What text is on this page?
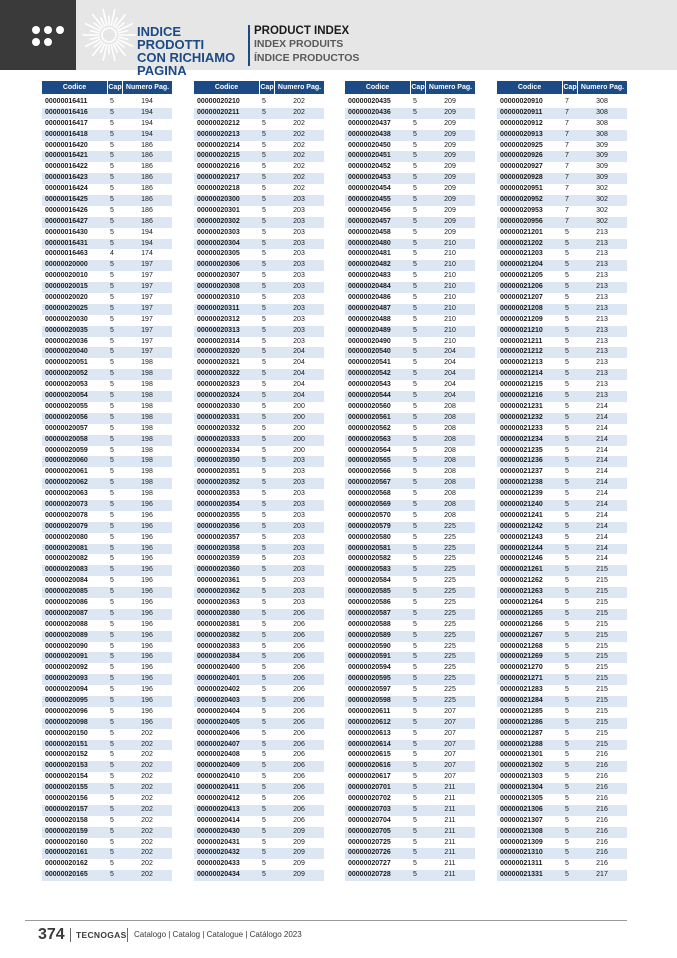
INDICE PRODOTTI
CON RICHIAMO
PAGINA
PRODUCT INDEX
INDEX PRODUITS
ÍNDICE PRODUCTOS
Codice	Cap Numero Pag.
00000016411	5	194
00000016416	5	194
00000016417	5	194
00000016418	5	194
00000016420	5	186
00000016421	5	186
00000016422	5	186
00000016423	5	186
00000016424	5	186
00000016425	5	186
00000016426	5	186
00000016427	5	186
00000016430	5	194
00000016431	5	194
00000016463	4	174
00000020000	5	197
00000020010	5	197
00000020015	5	197
00000020020	5	197
00000020025	5	197
00000020030	5	197
00000020035	5	197
00000020036	5	197
00000020040	5	197
00000020051	5	198
00000020052	5	198
00000020053	5	198
00000020054	5	198
00000020055	5	198
00000020056	5	198
00000020057	5	198
00000020058	5	198
00000020059	5	198
00000020060	5	198
00000020061	5	198
00000020062	5	198
00000020063	5	198
00000020073	5	196
00000020078	5	196
00000020079	5	196
00000020080	5	196
00000020081	5	196
00000020082	5	196
00000020083	5	196
00000020084	5	196
00000020085	5	196
00000020086	5	196
00000020087	5	196
00000020088	5	196
00000020089	5	196
00000020090	5	196
00000020091	5	196
00000020092	5	196
00000020093	5	196
00000020094	5	196
00000020095	5	196
00000020096	5	196
00000020098	5	196
00000020150	5	202
00000020151	5	202
00000020152	5	202
00000020153	5	202
00000020154	5	202
00000020155	5	202
00000020156	5	202
00000020157	5	202
00000020158	5	202
00000020159	5	202
00000020160	5	202
00000020161	5	202
00000020162	5	202
00000020165	5	202
Codice	Cap Numero Pag.
00000020210	5	202
00000020211	5	202
00000020212	5	202
00000020213	5	202
00000020214	5	202
00000020215	5	202
00000020216	5	202
00000020217	5	202
00000020218	5	202
00000020300	5	203
00000020301	5	203
00000020302	5	203
00000020303	5	203
00000020304	5	203
00000020305	5	203
00000020306	5	203
00000020307	5	203
00000020308	5	203
00000020310	5	203
00000020311	5	203
00000020312	5	203
00000020313	5	203
00000020314	5	203
00000020320	5	204
00000020321	5	204
00000020322	5	204
00000020323	5	204
00000020324	5	204
00000020330	5	200
00000020331	5	200
00000020332	5	200
00000020333	5	200
00000020334	5	200
00000020350	5	203
00000020351	5	203
00000020352	5	203
00000020353	5	203
00000020354	5	203
00000020355	5	203
00000020356	5	203
00000020357	5	203
00000020358	5	203
00000020359	5	203
00000020360	5	203
00000020361	5	203
00000020362	5	203
00000020363	5	203
00000020380	5	206
00000020381	5	206
00000020382	5	206
00000020383	5	206
00000020384	5	206
00000020400	5	206
00000020401	5	206
00000020402	5	206
00000020403	5	206
00000020404	5	206
00000020405	5	206
00000020406	5	206
00000020407	5	206
00000020408	5	206
00000020409	5	206
00000020410	5	206
00000020411	5	206
00000020412	5	206
00000020413	5	206
00000020414	5	206
00000020430	5	209
00000020431	5	209
00000020432	5	209
00000020433	5	209
00000020434	5	209
Codice	Cap Numero Pag.
00000020435	5	209
00000020436	5	209
00000020437	5	209
00000020438	5	209
00000020450	5	209
00000020451	5	209
00000020452	5	209
00000020453	5	209
00000020454	5	209
00000020455	5	209
00000020456	5	209
00000020457	5	209
00000020458	5	209
00000020480	5	210
00000020481	5	210
00000020482	5	210
00000020483	5	210
00000020484	5	210
00000020486	5	210
00000020487	5	210
00000020488	5	210
00000020489	5	210
00000020490	5	210
00000020540	5	204
00000020541	5	204
00000020542	5	204
00000020543	5	204
00000020544	5	204
00000020560	5	208
00000020561	5	208
00000020562	5	208
00000020563	5	208
00000020564	5	208
00000020565	5	208
00000020566	5	208
00000020567	5	208
00000020568	5	208
00000020569	5	208
00000020570	5	208
00000020579	5	225
00000020580	5	225
00000020581	5	225
00000020582	5	225
00000020583	5	225
00000020584	5	225
00000020585	5	225
00000020586	5	225
00000020587	5	225
00000020588	5	225
00000020589	5	225
00000020590	5	225
00000020591	5	225
00000020594	5	225
00000020595	5	225
00000020597	5	225
00000020598	5	225
00000020611	5	207
00000020612	5	207
00000020613	5	207
00000020614	5	207
00000020615	5	207
00000020616	5	207
00000020617	5	207
00000020701	5	211
00000020702	5	211
00000020703	5	211
00000020704	5	211
00000020705	5	211
00000020725	5	211
00000020726	5	211
00000020727	5	211
00000020728	5	211
Codice	Cap Numero Pag.
00000020910	7	308
00000020911	7	308
00000020912	7	308
00000020913	7	308
00000020925	7	309
00000020926	7	309
00000020927	7	309
00000020928	7	309
00000020951	7	302
00000020952	7	302
00000020953	7	302
00000020956	7	302
00000021201	5	213
00000021202	5	213
00000021203	5	213
00000021204	5	213
00000021205	5	213
00000021206	5	213
00000021207	5	213
00000021208	5	213
00000021209	5	213
00000021210	5	213
00000021211	5	213
00000021212	5	213
00000021213	5	213
00000021214	5	213
00000021215	5	213
00000021216	5	213
00000021231	5	214
00000021232	5	214
00000021233	5	214
00000021234	5	214
00000021235	5	214
00000021236	5	214
00000021237	5	214
00000021238	5	214
00000021239	5	214
00000021240	5	214
00000021241	5	214
00000021242	5	214
00000021243	5	214
00000021244	5	214
00000021246	5	214
00000021261	5	215
00000021262	5	215
00000021263	5	215
00000021264	5	215
00000021265	5	215
00000021266	5	215
00000021267	5	215
00000021268	5	215
00000021269	5	215
00000021270	5	215
00000021271	5	215
00000021283	5	215
00000021284	5	215
00000021285	5	215
00000021286	5	215
00000021287	5	215
00000021288	5	215
00000021301	5	216
00000021302	5	216
00000021303	5	216
00000021304	5	216
00000021305	5	216
00000021306	5	216
00000021307	5	216
00000021308	5	216
00000021309	5	216
00000021310	5	216
00000021311	5	216
00000021331	5	217
374 TECNOGAS Catalogo | Catalog | Catalogue | Catálogo 2023
